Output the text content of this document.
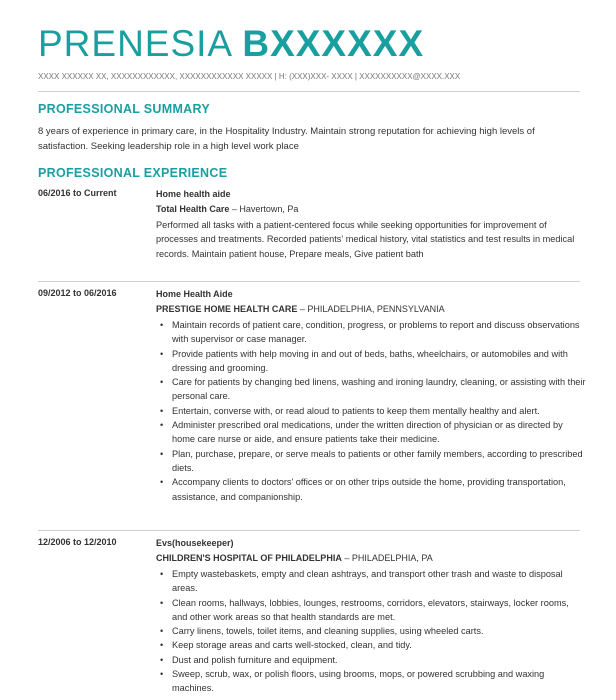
PRENESIA BXXXXXX
XXXX XXXXXX XX, XXXXXXXXXXXX, XXXXXXXXXXXX XXXXX | H: (XXX)XXX- XXXX | XXXXXXXXXX@XXXX.XXX
PROFESSIONAL SUMMARY
8 years of experience in primary care, in the Hospitality Industry. Maintain strong reputation for achieving high levels of satisfaction. Seeking leadership role in a high level work place
PROFESSIONAL EXPERIENCE
06/2016 to Current	Home health aide
Total Health Care – Havertown, Pa
Performed all tasks with a patient-centered focus while seeking opportunities for improvement of processes and treatments. Recorded patients' medical history, vital statistics and test results in medical records. Maintain patient house, Prepare meals, Give patient bath
09/2012 to 06/2016	Home Health Aide
PRESTIGE HOME HEALTH CARE – PHILADELPHIA, PENNSYLVANIA
• Maintain records of patient care, condition, progress, or problems to report and discuss observations with supervisor or case manager.
• Provide patients with help moving in and out of beds, baths, wheelchairs, or automobiles and with dressing and grooming.
• Care for patients by changing bed linens, washing and ironing laundry, cleaning, or assisting with their personal care.
• Entertain, converse with, or read aloud to patients to keep them mentally healthy and alert.
• Administer prescribed oral medications, under the written direction of physician or as directed by home care nurse or aide, and ensure patients take their medicine.
• Plan, purchase, prepare, or serve meals to patients or other family members, according to prescribed diets.
• Accompany clients to doctors' offices or on other trips outside the home, providing transportation, assistance, and companionship.
12/2006 to 12/2010	Evs(housekeeper)
CHILDREN'S HOSPITAL OF PHILADELPHIA – PHILADELPHIA, PA
• Empty wastebaskets, empty and clean ashtrays, and transport other trash and waste to disposal areas.
• Clean rooms, hallways, lobbies, lounges, restrooms, corridors, elevators, stairways, locker rooms, and other work areas so that health standards are met.
• Carry linens, towels, toilet items, and cleaning supplies, using wheeled carts.
• Keep storage areas and carts well-stocked, clean, and tidy.
• Dust and polish furniture and equipment.
• Sweep, scrub, wax, or polish floors, using brooms, mops, or powered scrubbing and waxing machines.
